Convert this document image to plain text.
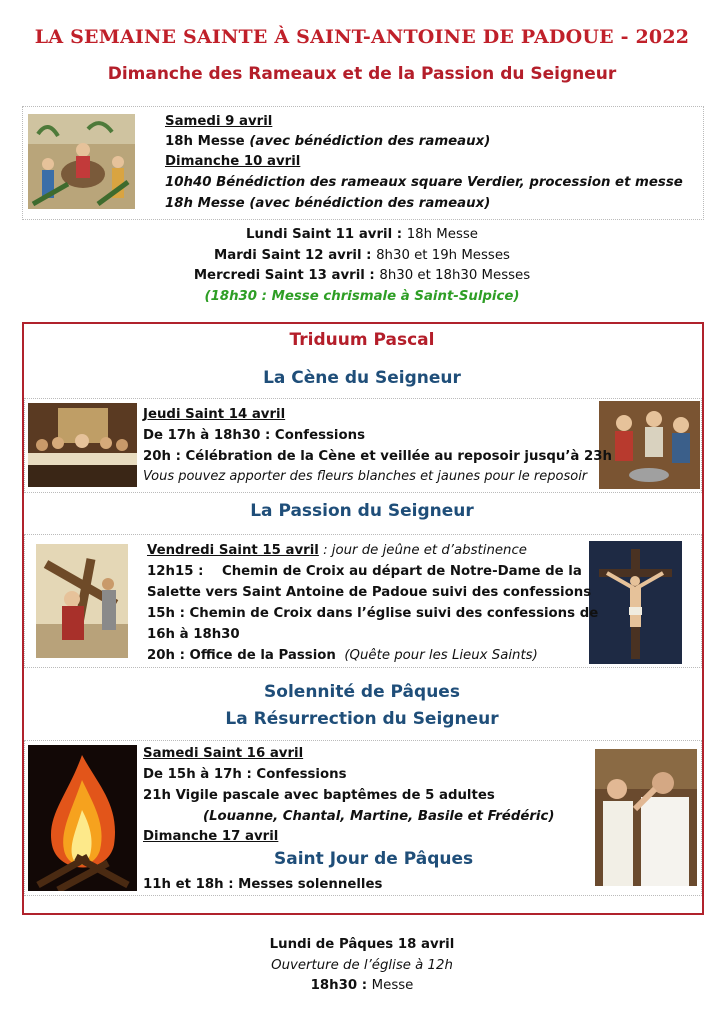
LA SEMAINE SAINTE À SAINT-ANTOINE DE PADOUE - 2022
Dimanche des Rameaux et de la Passion du Seigneur
Samedi 9 avril
18h Messe (avec bénédiction des rameaux)
Dimanche 10 avril
10h40 Bénédiction des rameaux square Verdier, procession et messe
18h Messe (avec bénédiction des rameaux)
Lundi Saint 11 avril : 18h Messe
Mardi Saint 12 avril : 8h30 et 19h Messes
Mercredi Saint 13 avril : 8h30 et 18h30 Messes
(18h30 : Messe chrismale à Saint-Sulpice)
Triduum Pascal
La Cène du Seigneur
Jeudi Saint 14 avril
De 17h à 18h30 : Confessions
20h : Célébration de la Cène et veillée au reposoir jusqu’à 23h
Vous pouvez apporter des fleurs blanches et jaunes pour le reposoir
La Passion du Seigneur
Vendredi Saint 15 avril : jour de jeûne et d’abstinence
12h15 :    Chemin de Croix au départ de Notre-Dame de la
Salette vers Saint Antoine de Padoue suivi des confessions
15h : Chemin de Croix dans l’église suivi des confessions de
16h à 18h30
20h : Office de la Passion  (Quête pour les Lieux Saints)
Solennité de Pâques
La Résurrection du Seigneur
Samedi Saint 16 avril
De 15h à 17h : Confessions
21h Vigile pascale avec baptêmes de 5 adultes
(Louanne, Chantal, Martine, Basile et Frédéric)
Dimanche 17 avril
Saint Jour de Pâques
11h et 18h : Messes solennelles
Lundi de Pâques 18 avril
Ouverture de l’église à 12h
18h30 : Messe
